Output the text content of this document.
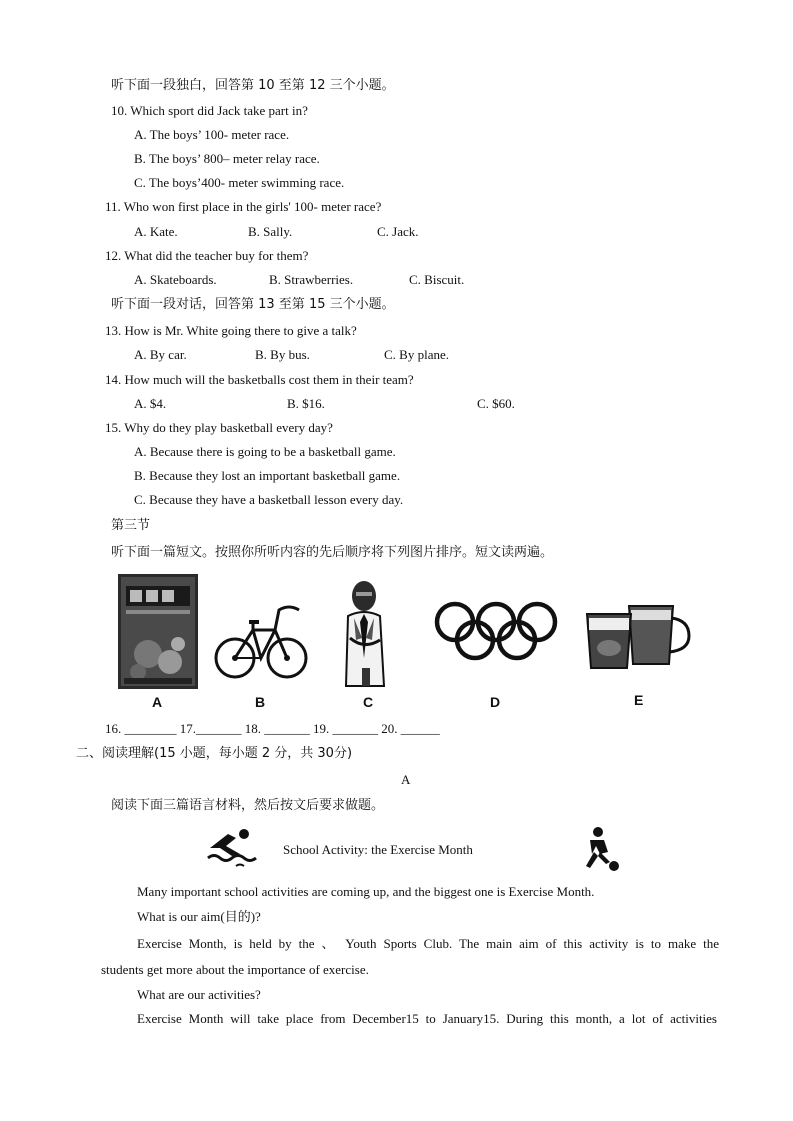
听下面一段独白，回答第 10 至第 12 三个小题。
10. Which sport did Jack take part in?
A. The boys’ 100- meter race.
B. The boys’ 800– meter relay race.
C. The boys’400- meter swimming race.
11. Who won first place in the girls' 100- meter race?
A. Kate.	B. Sally.	C. Jack.
12. What did the teacher buy for them?
A. Skateboards.	B. Strawberries.	C. Biscuit.
听下面一段对话，回答第 13 至第 15 三个小题。
13. How is Mr. White going there to give a talk?
A. By car.	B. By bus.	C. By plane.
14. How much will the basketballs cost them in their team?
A. $4.	B. $16.	C. $60.
15. Why do they play basketball every day?
A. Because there is going to be a basketball game.
B. Because they lost an important basketball game.
C. Because they have a basketball lesson every day.
第三节
听下面一篇短文。按照你所听内容的先后顺序将下列图片排序。短文读两遍。
A	B	C	D	E
16. ________ 17._______ 18. _______ 19. _______ 20. ______
二、阅读理解(15 小题，每小题 2 分，共 30分)
A
阅读下面三篇语言材料，然后按文后要求做题。
School Activity: the Exercise Month
Many important school activities are coming up, and the biggest one is Exercise Month.
What is our aim(目的)?
Exercise Month, is held by the 、 Youth Sports Club. The main aim of this activity is to make the
students get more about the importance of exercise.
What are our activities?
Exercise Month will take place from December15 to January15. During this month, a lot of activities
